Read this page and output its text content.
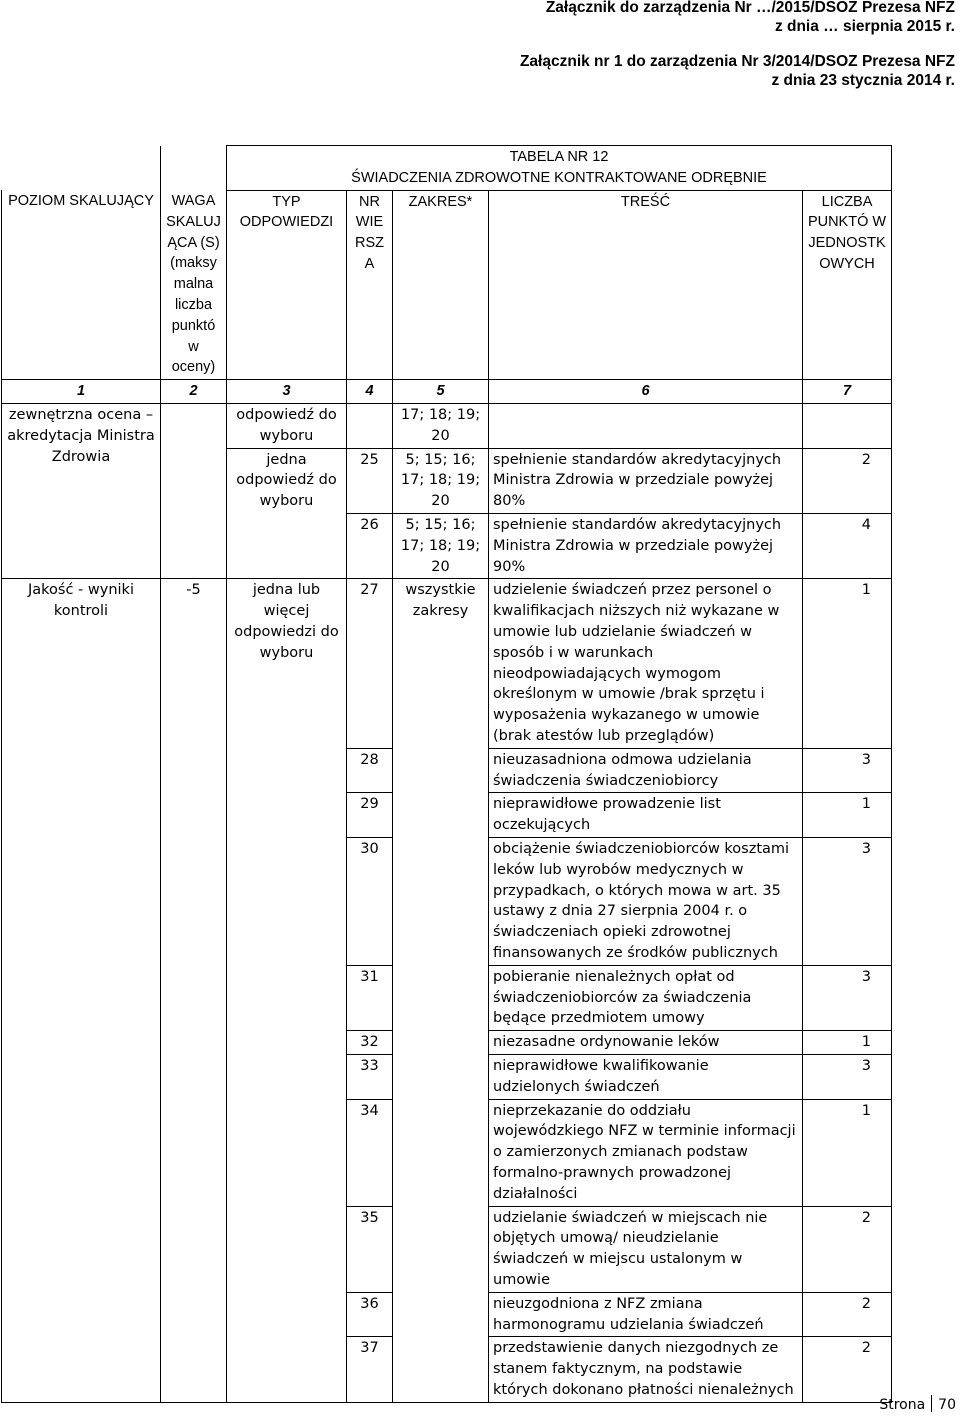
Załącznik do zarządzenia Nr …/2015/DSOZ Prezesa NFZ
z dnia … sierpnia 2015 r.
Załącznik nr 1 do zarządzenia Nr 3/2014/DSOZ Prezesa NFZ
z dnia 23 stycznia 2014 r.

		TABELA NR 12
ŚWIADCZENIA ZDROWOTNE KONTRAKTOWANE ODRĘBNIE				

POZIOM SKALUJĄCY	WAGA SKALUJ ĄCA (S) (maksy malna liczba punktó w oceny)	TYP ODPOWIEDZI	NR WIE RSZ A	ZAKRES*	TREŚĆ	LICZBA PUNKTÓ W JEDNOSTK OWYCH
1	2	3	4	5	6	7
zewnętrzna ocena – akredytacja Ministra Zdrowia		odpowiedź do wyboru		17; 18; 19; 20		
		jedna odpowiedź do wyboru	25	5; 15; 16; 17; 18; 19; 20	spełnienie standardów akredytacyjnych Ministra Zdrowia w przedziale powyżej 80%	2
			26	5; 15; 16; 17; 18; 19; 20	spełnienie standardów akredytacyjnych Ministra Zdrowia w przedziale powyżej 90%	4
Jakość - wyniki kontroli	-5	jedna lub więcej odpowiedzi do wyboru	27	wszystkie zakresy	udzielenie świadczeń przez personel o kwalifikacjach niższych niż wykazane w umowie lub udzielanie świadczeń w sposób i w warunkach nieodpowiadających wymogom określonym w umowie /brak sprzętu i wyposażenia wykazanego w umowie (brak atestów lub przeglądów)	1
			28		nieuzasadniona odmowa udzielania świadczenia świadczeniobiorcy	3
			29		nieprawidłowe prowadzenie list oczekujących	1
			30		obciążenie świadczeniobiorców kosztami leków lub wyrobów medycznych w przypadkach, o których mowa w art. 35 ustawy z dnia 27 sierpnia 2004 r. o świadczeniach opieki zdrowotnej finansowanych ze środków publicznych	3
			31		pobieranie nienależnych opłat od świadczeniobiorców za świadczenia będące przedmiotem umowy	3
			32		niezasadne ordynowanie leków	1
			33		nieprawidłowe kwalifikowanie udzielonych świadczeń	3
			34		nieprzekazanie do oddziału wojewódzkiego NFZ w terminie informacji o zamierzonych zmianach podstaw formalno-prawnych prowadzonej działalności	1
			35		udzielanie świadczeń w miejscach nie objętych umową/ nieudzielanie świadczeń w miejscu ustalonym w umowie	2
			36		nieuzgodniona z NFZ zmiana harmonogramu udzielania świadczeń	2
			37		przedstawienie danych niezgodnych ze stanem faktycznym, na podstawie których dokonano płatności nienależnych	2
Strona 70
